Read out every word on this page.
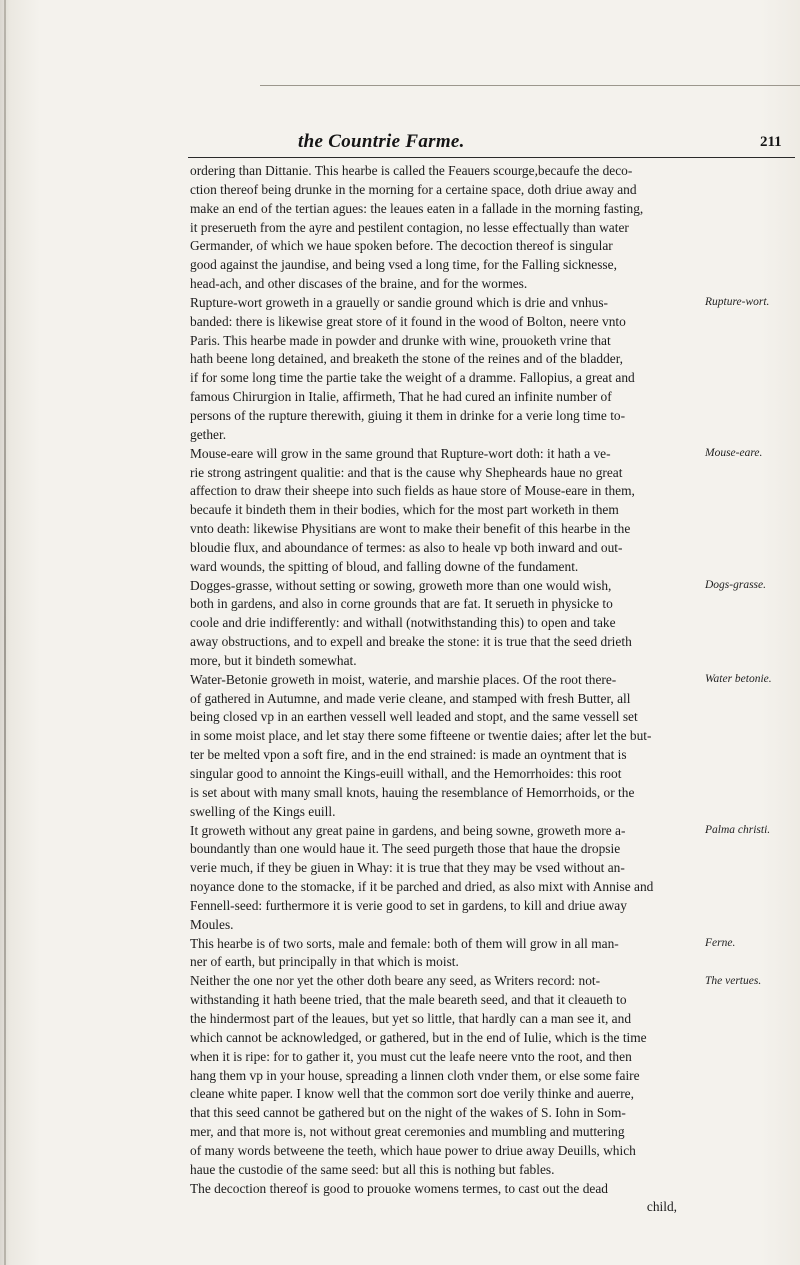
the Countrie Farme.	211
ordering than Dittanie. This hearbe is called the Feauers scourge,becaufe the deco-
ction thereof being drunke in the morning for a certaine space, doth driue away and
make an end of the tertian agues: the leaues eaten in a fallade in the morning fasting,
it preserueth from the ayre and pestilent contagion, no lesse effectually than water
Germander, of which we haue spoken before. The decoction thereof is singular
good against the jaundise, and being vsed a long time, for the Falling sicknesse,
head-ach, and other discases of the braine, and for the wormes.
Rupture-wort groweth in a grauelly or sandie ground which is drie and vnhus-
banded: there is likewise great store of it found in the wood of Bolton, neere vnto
Paris. This hearbe made in powder and drunke with wine, prouoketh vrine that
hath beene long detained, and breaketh the stone of the reines and of the bladder,
if for some long time the partie take the weight of a dramme. Fallopius, a great and
famous Chirurgion in Italie, affirmeth, That he had cured an infinite number of
persons of the rupture therewith, giuing it them in drinke for a verie long time to-
gether.
Mouse-eare will grow in the same ground that Rupture-wort doth: it hath a ve-
rie strong astringent qualitie: and that is the cause why Shepheards haue no great
affection to draw their sheepe into such fields as haue store of Mouse-eare in them,
becaufe it bindeth them in their bodies, which for the most part worketh in them
vnto death: likewise Physitians are wont to make their benefit of this hearbe in the
bloudie flux, and aboundance of termes: as also to heale vp both inward and out-
ward wounds, the spitting of bloud, and falling downe of the fundament.
Dogges-grasse, without setting or sowing, groweth more than one would wish,
both in gardens, and also in corne grounds that are fat. It serueth in physicke to
coole and drie indifferently: and withall (notwithstanding this) to open and take
away obstructions, and to expell and breake the stone: it is true that the seed drieth
more, but it bindeth somewhat.
Water-Betonie groweth in moist, waterie, and marshie places. Of the root there-
of gathered in Autumne, and made verie cleane, and stamped with fresh Butter, all
being closed vp in an earthen vessell well leaded and stopt, and the same vessell set
in some moist place, and let stay there some fifteene or twentie daies; after let the but-
ter be melted vpon a soft fire, and in the end strained: is made an oyntment that is
singular good to annoint the Kings-euill withall, and the Hemorrhoides: this root
is set about with many small knots, hauing the resemblance of Hemorrhoids, or the
swelling of the Kings euill.
It groweth without any great paine in gardens, and being sowne, groweth more a-
boundantly than one would haue it. The seed purgeth those that haue the dropsie
verie much, if they be giuen in Whay: it is true that they may be vsed without an-
noyance done to the stomacke, if it be parched and dried, as also mixt with Annise and
Fennell-seed: furthermore it is verie good to set in gardens, to kill and driue away
Moules.
This hearbe is of two sorts, male and female: both of them will grow in all man-
ner of earth, but principally in that which is moist.
Neither the one nor yet the other doth beare any seed, as Writers record: not-
withstanding it hath beene tried, that the male beareth seed, and that it cleaueth to
the hindermost part of the leaues, but yet so little, that hardly can a man see it, and
which cannot be acknowledged, or gathered, but in the end of Iulie, which is the time
when it is ripe: for to gather it, you must cut the leafe neere vnto the root, and then
hang them vp in your house, spreading a linnen cloth vnder them, or else some faire
cleane white paper. I know well that the common sort doe verily thinke and auerre,
that this seed cannot be gathered but on the night of the wakes of S. Iohn in Som-
mer, and that more is, not without great ceremonies and mumbling and muttering
of many words betweene the teeth, which haue power to driue away Deuills, which
haue the custodie of the same seed: but all this is nothing but fables.
The decoction thereof is good to prouoke womens termes, to cast out the dead
child,
Rupture-wort.
Mouse-eare.
Dogs-grasse.
Water betonie.
Palma christi.
Ferne.
The vertues.
